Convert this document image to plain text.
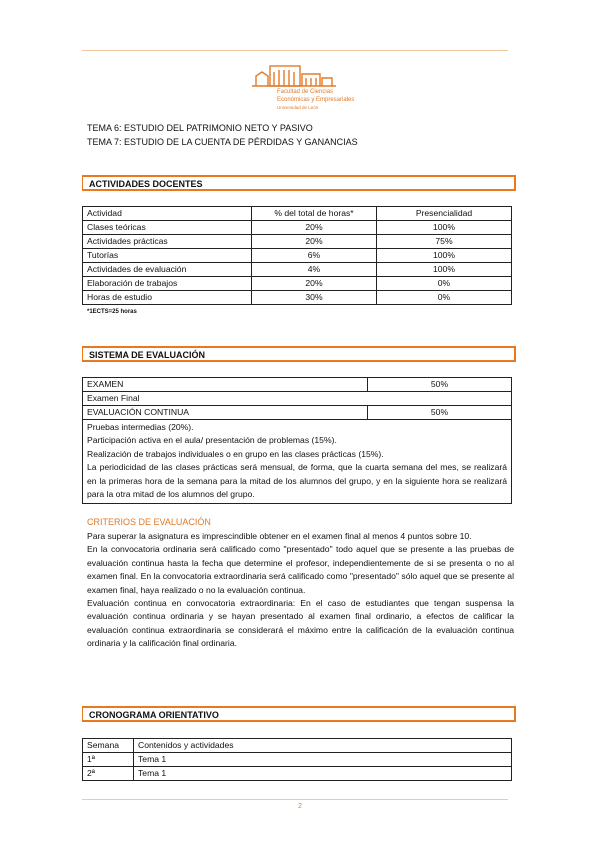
Facultad de Ciencias
Económicas y Empresariales
Universidad de León
TEMA 6: ESTUDIO DEL PATRIMONIO NETO Y PASIVO
TEMA 7: ESTUDIO DE LA CUENTA DE PÉRDIDAS Y GANANCIAS
ACTIVIDADES DOCENTES
Actividad	% del total de horas*	Presencialidad
Clases teóricas	20%	100%
Actividades prácticas	20%	75%
Tutorías	6%	100%
Actividades de evaluación	4%	100%
Elaboración de trabajos	20%	0%
Horas de estudio	30%	0%
*1ECTS=25 horas
SISTEMA DE EVALUACIÓN
EXAMEN	50%
Examen Final	
EVALUACIÓN CONTINUA	50%
Pruebas intermedias (20%).
Participación activa en el aula/ presentación de problemas (15%).
Realización de trabajos individuales o en grupo en las clases prácticas (15%).
La periodicidad de las clases prácticas será mensual, de forma, que la cuarta semana del mes, se realizará en la primeras hora de la semana para la mitad de los alumnos del grupo, y en la siguiente hora se realizará para la otra mitad de los alumnos del grupo.
CRITERIOS DE EVALUACIÓN

Para superar la asignatura es imprescindible obtener en el examen final al menos 4 puntos sobre 10.

En la convocatoria ordinaria será calificado como "presentado" todo aquel que se presente a las pruebas de evaluación continua hasta la fecha que determine el profesor, independientemente de si se presenta o no al examen final. En la convocatoria extraordinaria será calificado como "presentado" sólo aquel que se presente al examen final, haya realizado o no la evaluación continua.

Evaluación continua en convocatoria extraordinaria: En el caso de estudiantes que tengan suspensa la evaluación continua ordinaria y se hayan presentado al examen final ordinario, a efectos de calificar la evaluación continua extraordinaria se considerará el máximo entre la calificación de la evaluación continua ordinaria y la calificación final ordinaria.

CRONOGRAMA ORIENTATIVO
Semana	Contenidos y actividades
1ª	Tema 1
2ª	Tema 1
2
